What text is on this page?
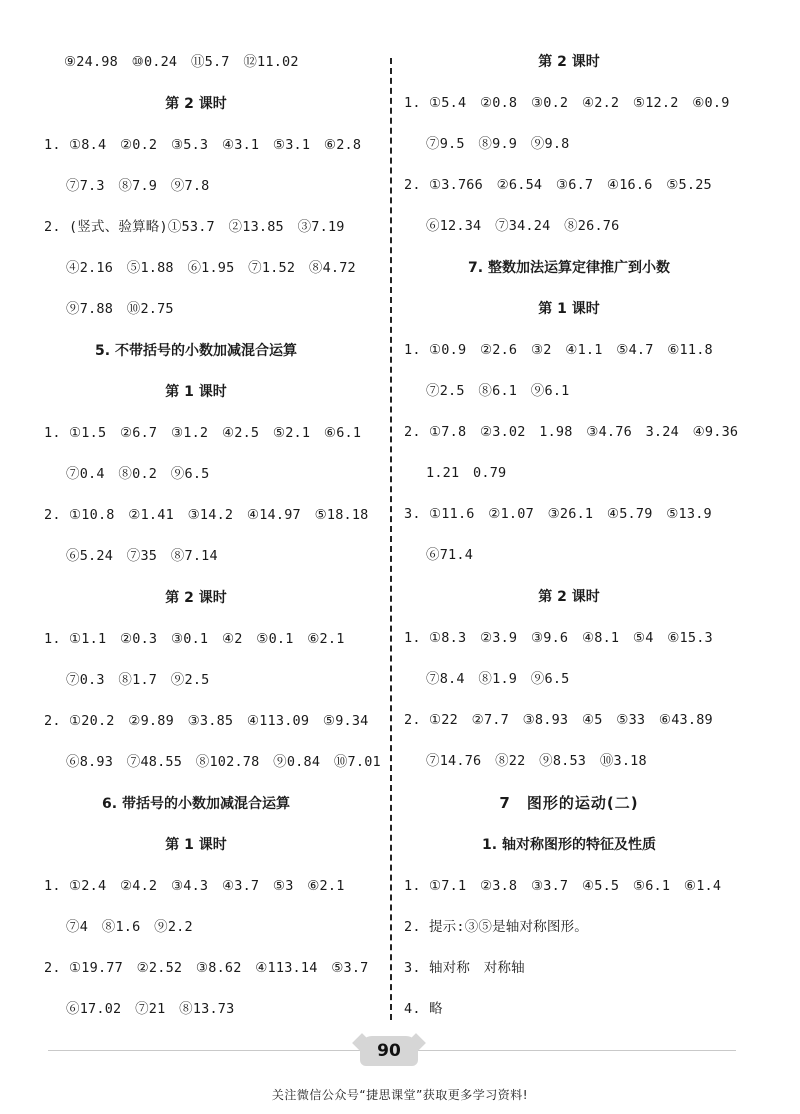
⑨24.98　⑩0.24　⑪5.7　⑫11.02
第 2 课时
1. ①8.4　②0.2　③5.3　④3.1　⑤3.1　⑥2.8
　 ⑦7.3　⑧7.9　⑨7.8
2. (竖式、验算略)①53.7　②13.85　③7.19
　 ④2.16　⑤1.88　⑥1.95　⑦1.52　⑧4.72
　 ⑨7.88　⑩2.75
5. 不带括号的小数加减混合运算
第 1 课时
1. ①1.5　②6.7　③1.2　④2.5　⑤2.1　⑥6.1
　 ⑦0.4　⑧0.2　⑨6.5
2. ①10.8　②1.41　③14.2　④14.97　⑤18.18
　 ⑥5.24　⑦35　⑧7.14
第 2 课时
1. ①1.1　②0.3　③0.1　④2　⑤0.1　⑥2.1
　 ⑦0.3　⑧1.7　⑨2.5
2. ①20.2　②9.89　③3.85　④113.09　⑤9.34
　 ⑥8.93　⑦48.55　⑧102.78　⑨0.84　⑩7.01
6. 带括号的小数加减混合运算
第 1 课时
1. ①2.4　②4.2　③4.3　④3.7　⑤3　⑥2.1
　 ⑦4　⑧1.6　⑨2.2
2. ①19.77　②2.52　③8.62　④113.14　⑤3.7
　 ⑥17.02　⑦21　⑧13.73
第 2 课时
1. ①5.4　②0.8　③0.2　④2.2　⑤12.2　⑥0.9
　 ⑦9.5　⑧9.9　⑨9.8
2. ①3.766　②6.54　③6.7　④16.6　⑤5.25
　 ⑥12.34　⑦34.24　⑧26.76
7. 整数加法运算定律推广到小数
第 1 课时
1. ①0.9　②2.6　③2　④1.1　⑤4.7　⑥11.8
　 ⑦2.5　⑧6.1　⑨6.1
2. ①7.8　②3.02　1.98　③4.76　3.24　④9.36
　 1.21　0.79
3. ①11.6　②1.07　③26.1　④5.79　⑤13.9
　 ⑥71.4
第 2 课时
1. ①8.3　②3.9　③9.6　④8.1　⑤4　⑥15.3
　 ⑦8.4　⑧1.9　⑨6.5
2. ①22　②7.7　③8.93　④5　⑤33　⑥43.89
　 ⑦14.76　⑧22　⑨8.53　⑩3.18
7　图形的运动(二)
1. 轴对称图形的特征及性质
1. ①7.1　②3.8　③3.7　④5.5　⑤6.1　⑥1.4
2. 提示:③⑤是轴对称图形。
3. 轴对称　对称轴
4. 略
90
关注微信公众号“捷思课堂”获取更多学习资料!
